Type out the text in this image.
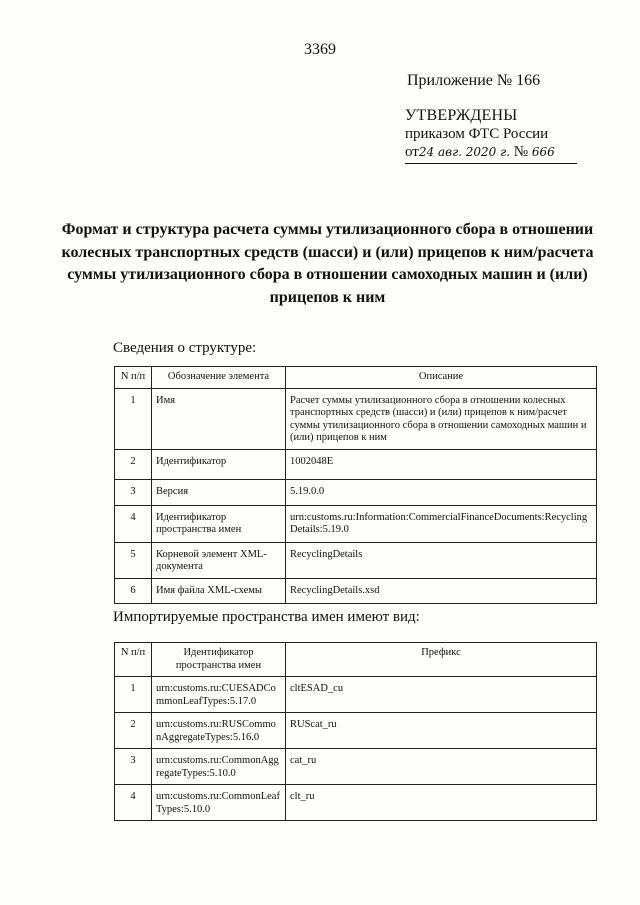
3369
Приложение № 166
УТВЕРЖДЕНЫ
приказом ФТС России
от24 авг. 2020 г. № 666
Формат и структура расчета суммы утилизационного сбора в отношении колесных транспортных средств (шасси) и (или) прицепов к ним/расчета суммы утилизационного сбора в отношении самоходных машин и (или) прицепов к ним
Сведения о структуре:
N п/п	Обозначение элемента	Описание
1	Имя	Расчет суммы утилизационного сбора в отношении колесных транспортных средств (шасси) и (или) прицепов к ним/расчет суммы утилизационного сбора в отношении самоходных машин и (или) прицепов к ним
2	Идентификатор	1002048E
3	Версия	5.19.0.0
4	Идентификатор пространства имен	urn:customs.ru:Information:CommercialFinanceDocuments:RecyclingDetails:5.19.0
5	Корневой элемент XML-документа	RecyclingDetails
6	Имя файла XML-схемы	RecyclingDetails.xsd
Импортируемые пространства имен имеют вид:
N п/п	Идентификатор пространства имен	Префикс
1	urn:customs.ru:CUESADCommonLeafTypes:5.17.0	cltESAD_cu
2	urn:customs.ru:RUSCommonAggregateTypes:5.16.0	RUScat_ru
3	urn:customs.ru:CommonAggregateTypes:5.10.0	cat_ru
4	urn:customs.ru:CommonLeafTypes:5.10.0	clt_ru
